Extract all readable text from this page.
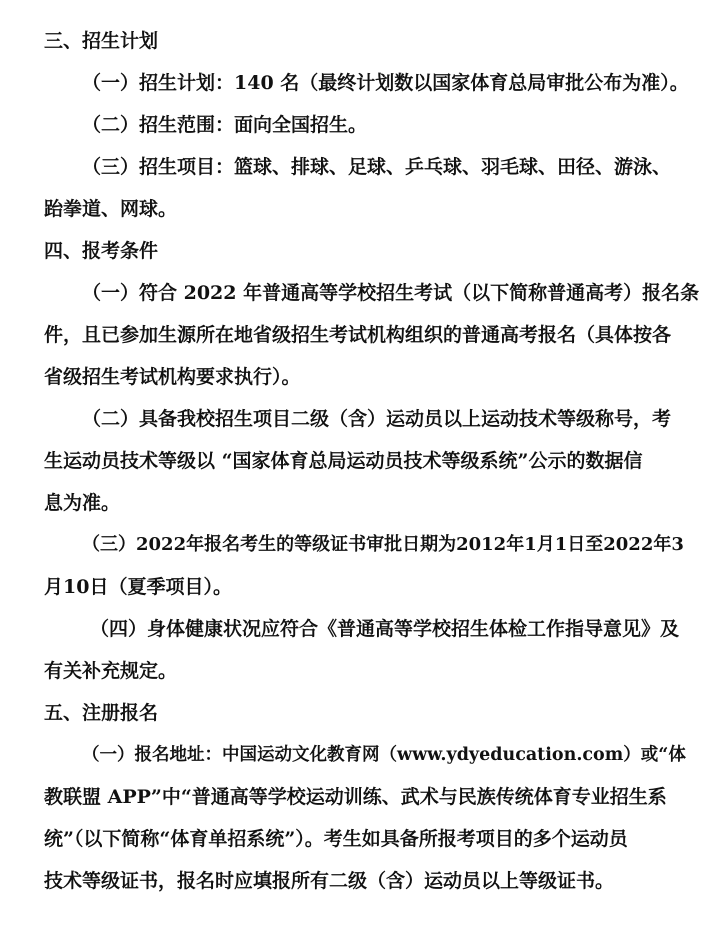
三、招生计划
（一）招生计划：140 名（最终计划数以国家体育总局审批公布为准）。
（二）招生范围：面向全国招生。
（三）招生项目：篮球、排球、足球、乒乓球、羽毛球、田径、游泳、
跆拳道、网球。
四、报考条件
（一）符合 2022 年普通高等学校招生考试（以下简称普通高考）报名条
件，且已参加生源所在地省级招生考试机构组织的普通高考报名（具体按各
省级招生考试机构要求执行）。
（二）具备我校招生项目二级（含）运动员以上运动技术等级称号，考
生运动员技术等级以 “国家体育总局运动员技术等级系统”公示的数据信
息为准。
（三）2022年报名考生的等级证书审批日期为2012年1月1日至2022年3
月10日（夏季项目）。
（四）身体健康状况应符合《普通高等学校招生体检工作指导意见》及
有关补充规定。
五、注册报名
（一）报名地址：中国运动文化教育网（www.ydyeducation.com）或“体
教联盟 APP”中“普通高等学校运动训练、武术与民族传统体育专业招生系
统”（以下简称“体育单招系统”）。考生如具备所报考项目的多个运动员
技术等级证书，报名时应填报所有二级（含）运动员以上等级证书。
